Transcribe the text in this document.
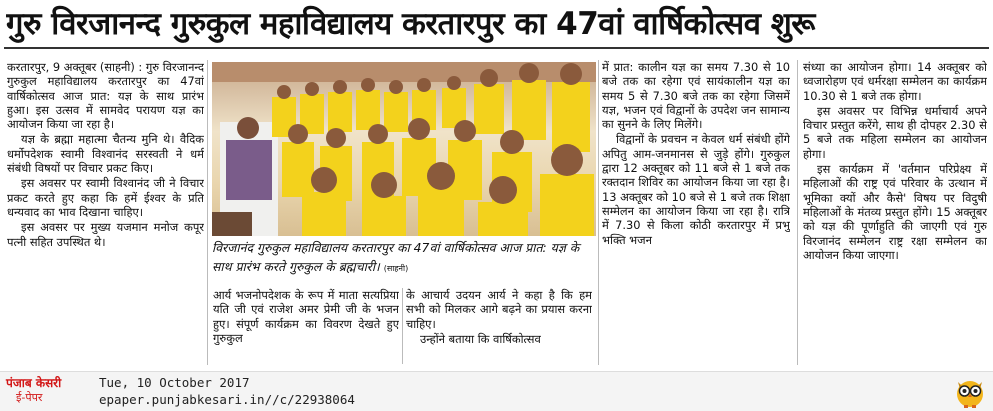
गुरु विरजानन्द गुरुकुल महाविद्यालय करतारपुर का 47वां वार्षिकोत्सव शुरू

करतारपुर, 9 अक्तूबर (साहनी) : गुरु विरजानन्द गुरुकुल महाविद्यालय करतारपुर का 47वां वार्षिकोत्सव आज प्रात: यज्ञ के साथ प्रारंभ हुआ। इस उत्सव में सामवेद परायण यज्ञ का आयोजन किया जा रहा है।

यज्ञ के ब्रह्मा महात्मा चैतन्य मुनि थे। वैदिक धर्मोपदेशक स्वामी विश्वानंद सरस्वती ने धर्म संबंधी विषयों पर विचार प्रकट किए।

इस अवसर पर स्वामी विश्वानंद जी ने विचार प्रकट करते हुए कहा कि हमें ईश्वर के प्रति धन्यवाद का भाव दिखाना चाहिए।

इस अवसर पर मुख्य यजमान मनोज कपूर पत्नी सहित उपस्थित थे।	विरजानंद गुरुकुल महाविद्यालय करतारपुर का 47वां वार्षिकोत्सव आज प्रात: यज्ञ के साथ प्रारंभ करते गुरुकुल के ब्रह्मचारी। (साहनी)

आर्य भजनोपदेशक के रूप में माता सत्यप्रिया यति जी एवं राजेश अमर प्रेमी जी के भजन हुए। संपूर्ण कार्यक्रम का विवरण देखते हुए गुरुकुल

के आचार्य उदयन आर्य ने कहा है कि हम सभी को मिलकर आगे बढ़ने का प्रयास करना चाहिए।

उन्होंने बताया कि वार्षिकोत्सव

में प्रात: कालीन यज्ञ का समय 7.30 से 10 बजे तक का रहेगा एवं सायंकालीन यज्ञ का समय 5 से 7.30 बजे तक का रहेगा जिसमें यज्ञ, भजन एवं विद्वानों के उपदेश जन सामान्य का सुनने के लिए मिलेंगे।

विद्वानों के प्रवचन न केवल धर्म संबंधी होंगे अपितु आम-जनमानस से जुड़े होंगे। गुरुकुल द्वारा 12 अक्तूबर को 11 बजे से 1 बजे तक रक्तदान शिविर का आयोजन किया जा रहा है। 13 अक्तूबर को 10 बजे से 1 बजे तक शिक्षा सम्मेलन का आयोजन किया जा रहा है। रात्रि में 7.30 से किला कोठी करतारपुर में प्रभु भक्ति भजन

संध्या का आयोजन होगा। 14 अक्तूबर को ध्वजारोहण एवं धर्मरक्षा सम्मेलन का कार्यक्रम 10.30 से 1 बजे तक होगा।

इस अवसर पर विभिन्न धर्माचार्य अपने विचार प्रस्तुत करेंगे, साथ ही दोपहर 2.30 से 5 बजे तक महिला सम्मेलन का आयोजन होगा।

इस कार्यक्रम में 'वर्तमान परिप्रेक्ष्य में महिलाओं की राष्ट्र एवं परिवार के उत्थान में भूमिका क्यों और कैसे' विषय पर विदुषी महिलाओं के मंतव्य प्रस्तुत होंगे। 15 अक्तूबर को यज्ञ की पूर्णाहुति की जाएगी एवं गुरु विरजानंद सम्मेलन राष्ट्र रक्षा सम्मेलन का आयोजन किया जाएगा।

पंजाब केसरी
ई-पेपर
Tue, 10 October 2017
epaper.punjabkesari.in//c/22938064
